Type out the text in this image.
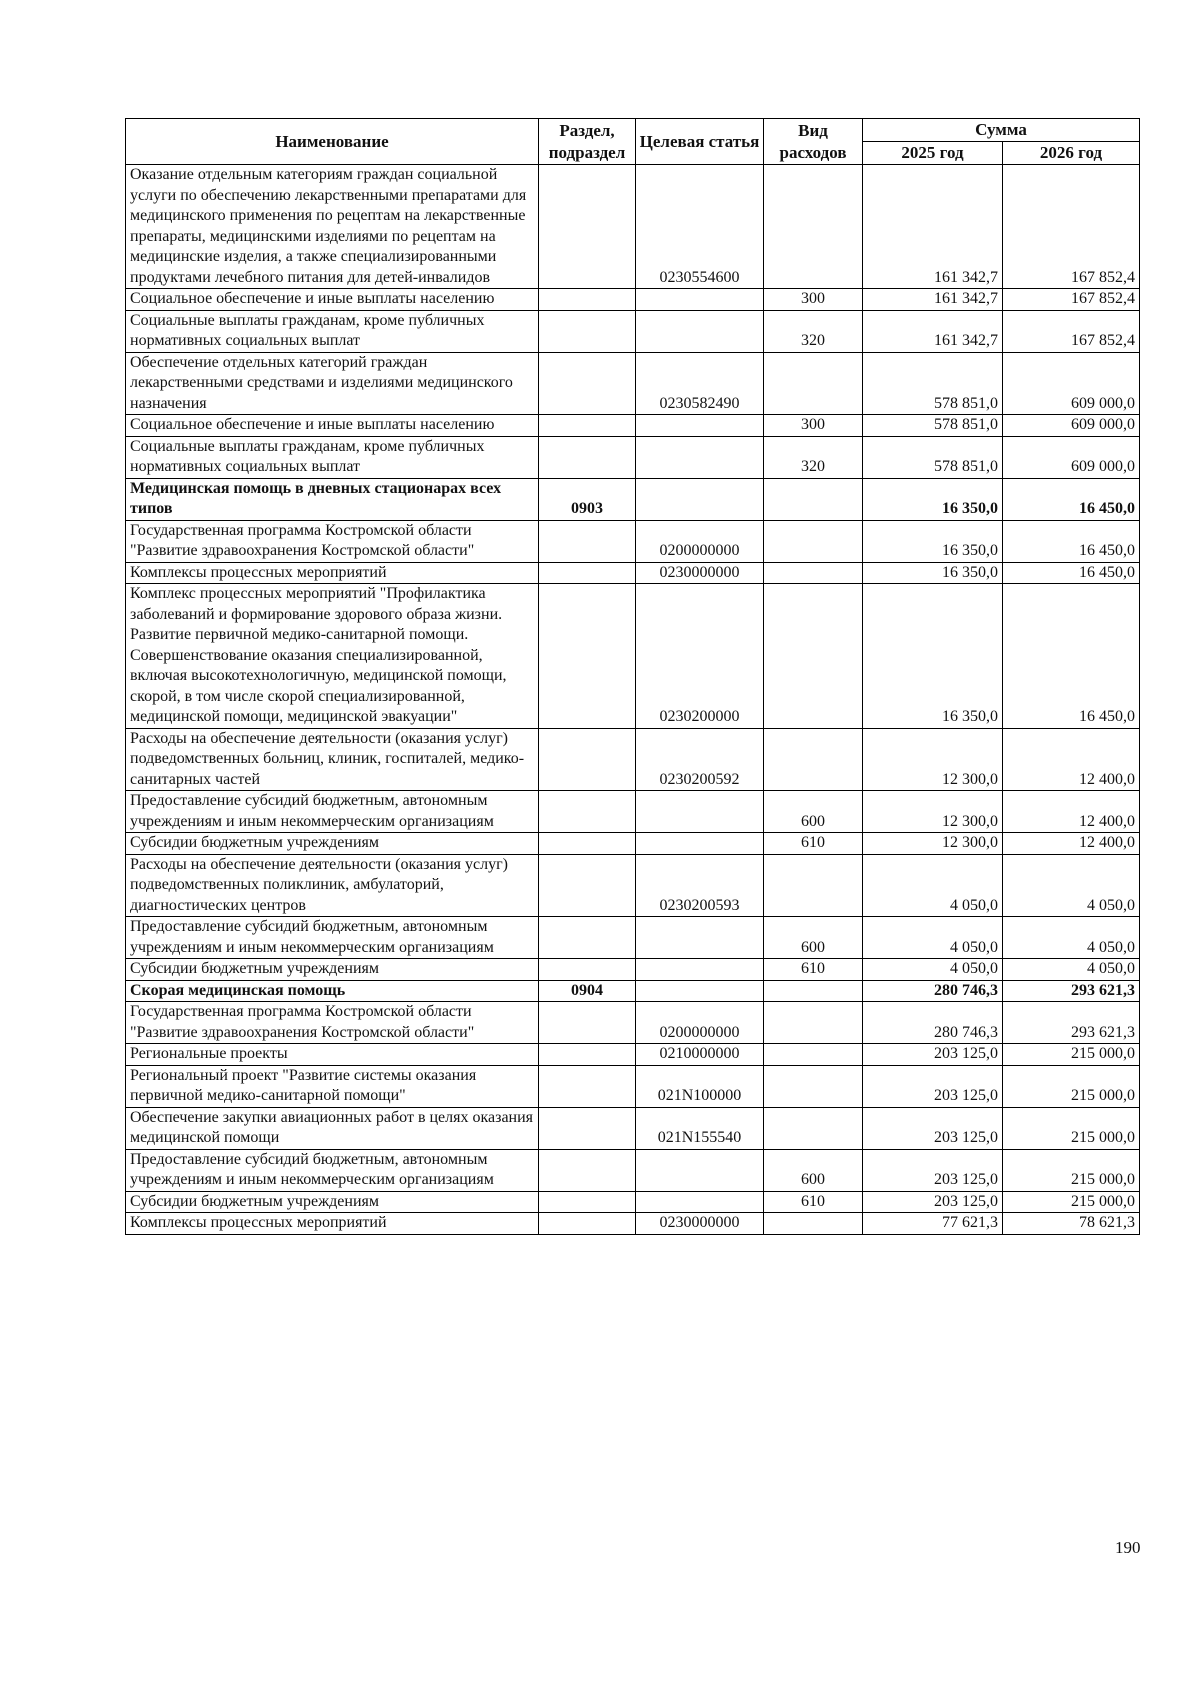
Наименование	Раздел, подраздел	Целевая статья	Вид расходов	Сумма	
				2025 год	2026 год
Оказание отдельным категориям граждан социальной услуги по обеспечению лекарственными препаратами для медицинского применения по рецептам на лекарственные препараты, медицинскими изделиями по рецептам на медицинские изделия, а также специализированными продуктами лечебного питания для детей-инвалидов		0230554600		161 342,7	167 852,4
Социальное обеспечение и иные выплаты населению			300	161 342,7	167 852,4
Социальные выплаты гражданам, кроме публичных нормативных социальных выплат			320	161 342,7	167 852,4
Обеспечение отдельных категорий граждан лекарственными средствами и изделиями медицинского назначения		0230582490		578 851,0	609 000,0
Социальное обеспечение и иные выплаты населению			300	578 851,0	609 000,0
Социальные выплаты гражданам, кроме публичных нормативных социальных выплат			320	578 851,0	609 000,0
Медицинская помощь в дневных стационарах всех типов	0903			16 350,0	16 450,0
Государственная программа Костромской области "Развитие здравоохранения Костромской области"		0200000000		16 350,0	16 450,0
Комплексы процессных мероприятий		0230000000		16 350,0	16 450,0
Комплекс процессных мероприятий "Профилактика заболеваний и формирование здорового образа жизни. Развитие первичной медико-санитарной помощи. Совершенствование оказания специализированной, включая высокотехнологичную, медицинской помощи, скорой, в том числе скорой специализированной, медицинской помощи, медицинской эвакуации"		0230200000		16 350,0	16 450,0
Расходы на обеспечение деятельности (оказания услуг) подведомственных больниц, клиник, госпиталей, медико-санитарных частей		0230200592		12 300,0	12 400,0
Предоставление субсидий бюджетным, автономным учреждениям и иным некоммерческим организациям			600	12 300,0	12 400,0
Субсидии бюджетным учреждениям			610	12 300,0	12 400,0
Расходы на обеспечение деятельности (оказания услуг) подведомственных поликлиник, амбулаторий, диагностических центров		0230200593		4 050,0	4 050,0
Предоставление субсидий бюджетным, автономным учреждениям и иным некоммерческим организациям			600	4 050,0	4 050,0
Субсидии бюджетным учреждениям			610	4 050,0	4 050,0
Скорая медицинская помощь	0904			280 746,3	293 621,3
Государственная программа Костромской области "Развитие здравоохранения Костромской области"		0200000000		280 746,3	293 621,3
Региональные проекты		0210000000		203 125,0	215 000,0
Региональный проект "Развитие системы оказания первичной медико-санитарной помощи"		021N100000		203 125,0	215 000,0
Обеспечение закупки авиационных работ в целях оказания медицинской помощи		021N155540		203 125,0	215 000,0
Предоставление субсидий бюджетным, автономным учреждениям и иным некоммерческим организациям			600	203 125,0	215 000,0
Субсидии бюджетным учреждениям			610	203 125,0	215 000,0
Комплексы процессных мероприятий		0230000000		77 621,3	78 621,3
190
